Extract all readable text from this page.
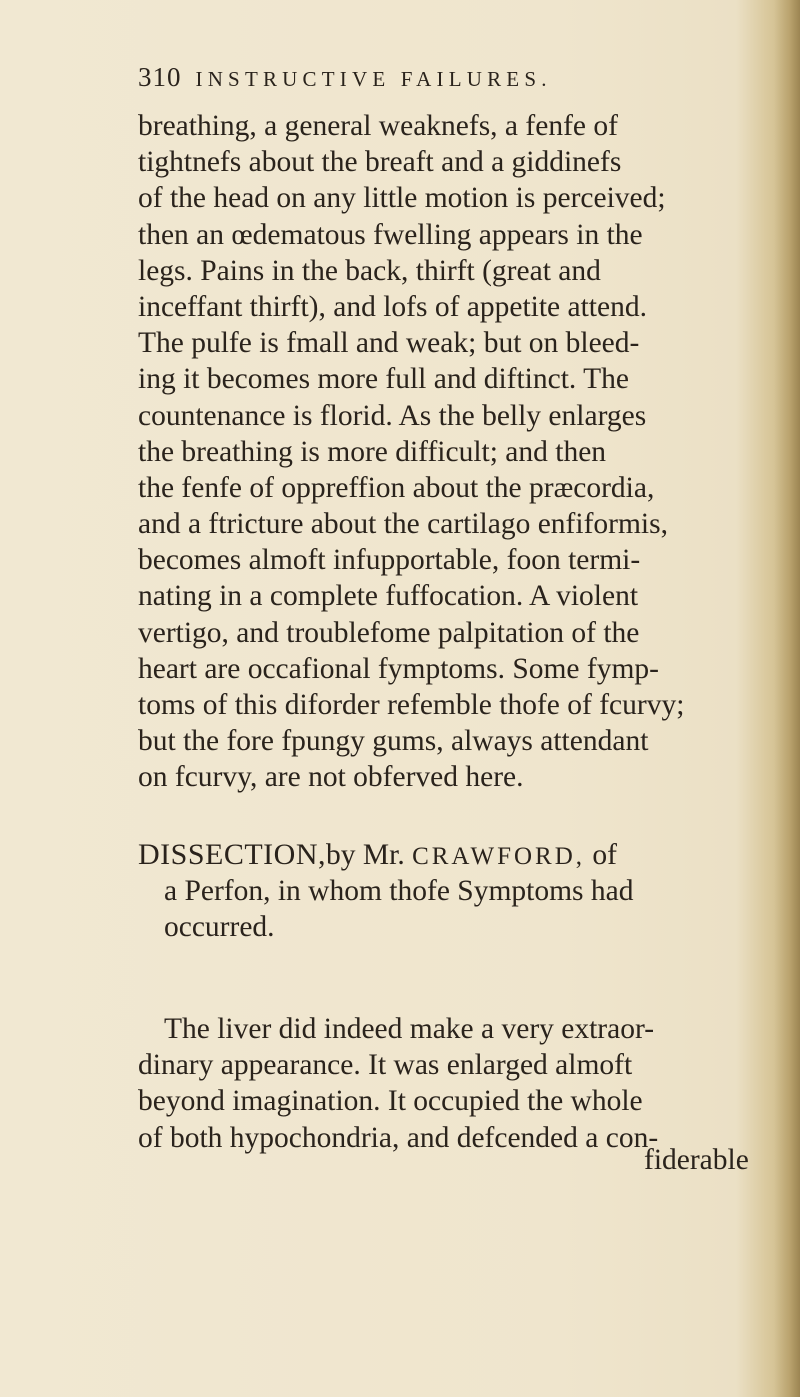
310 INSTRUCTIVE FAILURES.
breathing, a general weaknefs, a fenfe of
tightnefs about the breaft and a giddinefs
of the head on any little motion is perceived;
then an œdematous fwelling appears in the
legs. Pains in the back, thirft (great and
inceffant thirft), and lofs of appetite attend.
The pulfe is fmall and weak; but on bleed-
ing it becomes more full and diftinct. The
countenance is florid. As the belly enlarges
the breathing is more difficult; and then
the fenfe of oppreffion about the præcordia,
and a ftricture about the cartilago enfiformis,
becomes almoft infupportable, foon termi-
nating in a complete fuffocation. A violent
vertigo, and troublefome palpitation of the
heart are occafional fymptoms. Some fymp-
toms of this diforder refemble thofe of fcurvy;
but the fore fpungy gums, always attendant
on fcurvy, are not obferved here.
DISSECTION,by Mr. CRAWFORD, of
a Perfon, in whom thofe Symptoms had
occurred.
The liver did indeed make a very extraor-
dinary appearance. It was enlarged almoft
beyond imagination. It occupied the whole
of both hypochondria, and defcended a con-
fiderable
